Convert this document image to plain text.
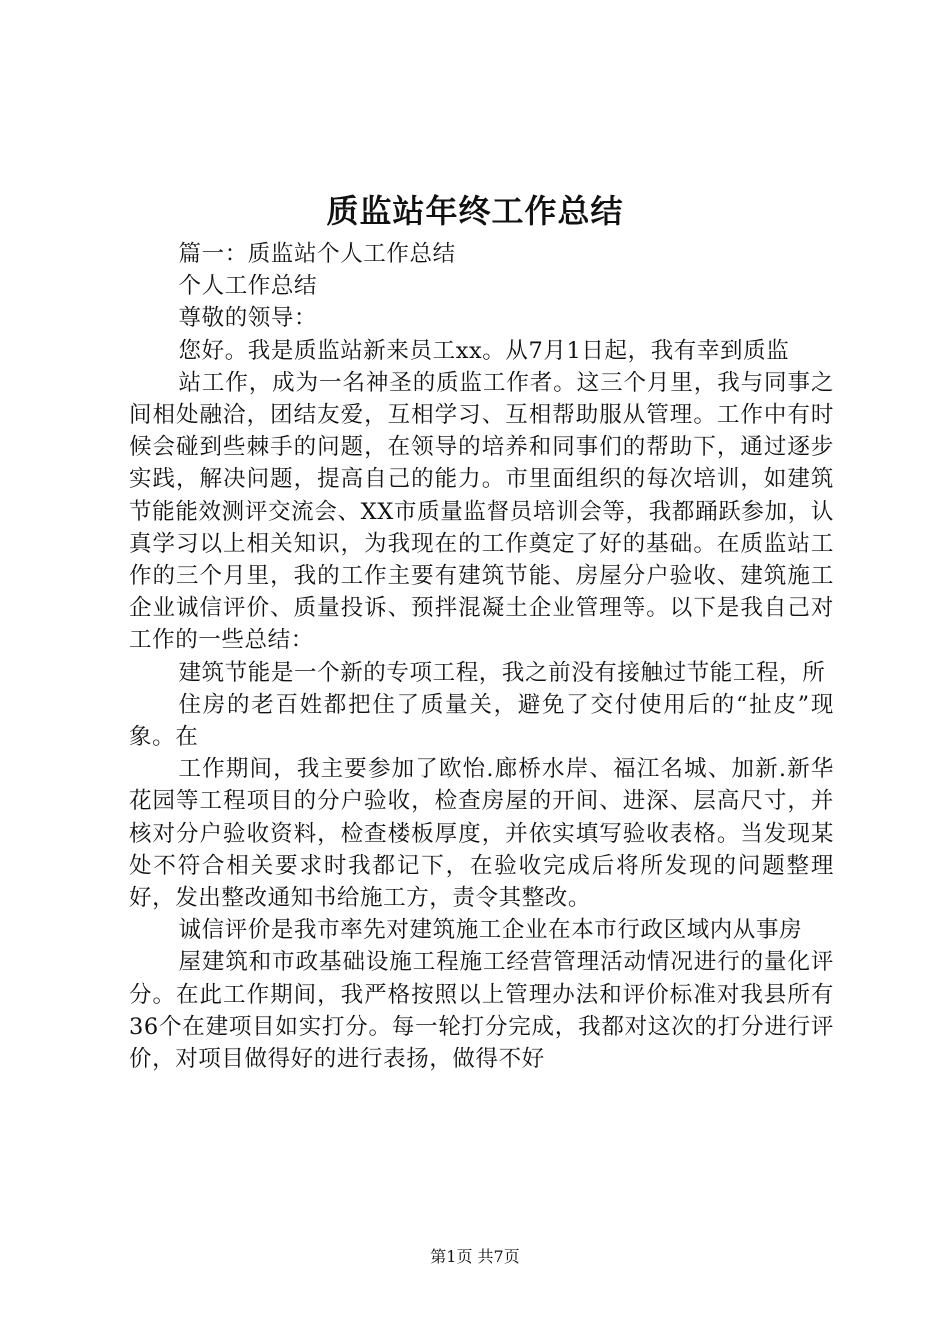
质监站年终工作总结

篇一：质监站个人工作总结

个人工作总结

尊敬的领导：

您好。我是质监站新来员工xx。从7月1日起，我有幸到质监

站工作，成为一名神圣的质监工作者。这三个月里，我与同事之间相处融洽，团结友爱，互相学习、互相帮助服从管理。工作中有时候会碰到些棘手的问题，在领导的培养和同事们的帮助下，通过逐步实践，解决问题，提高自己的能力。市里面组织的每次培训，如建筑节能能效测评交流会、XX市质量监督员培训会等，我都踊跃参加，认真学习以上相关知识，为我现在的工作奠定了好的基础。在质监站工作的三个月里，我的工作主要有建筑节能、房屋分户验收、建筑施工企业诚信评价、质量投诉、预拌混凝土企业管理等。以下是我自己对工作的一些总结：

建筑节能是一个新的专项工程，我之前没有接触过节能工程，所

住房的老百姓都把住了质量关，避免了交付使用后的“扯皮”现象。在

工作期间，我主要参加了欧怡.廊桥水岸、福江名城、加新.新华花园等工程项目的分户验收，检查房屋的开间、进深、层高尺寸，并核对分户验收资料，检查楼板厚度，并依实填写验收表格。当发现某处不符合相关要求时我都记下，在验收完成后将所发现的问题整理好，发出整改通知书给施工方，责令其整改。

诚信评价是我市率先对建筑施工企业在本市行政区域内从事房

屋建筑和市政基础设施工程施工经营管理活动情况进行的量化评分。在此工作期间，我严格按照以上管理办法和评价标准对我县所有36个在建项目如实打分。每一轮打分完成，我都对这次的打分进行评价，对项目做得好的进行表扬，做得不好

第1页 共7页
